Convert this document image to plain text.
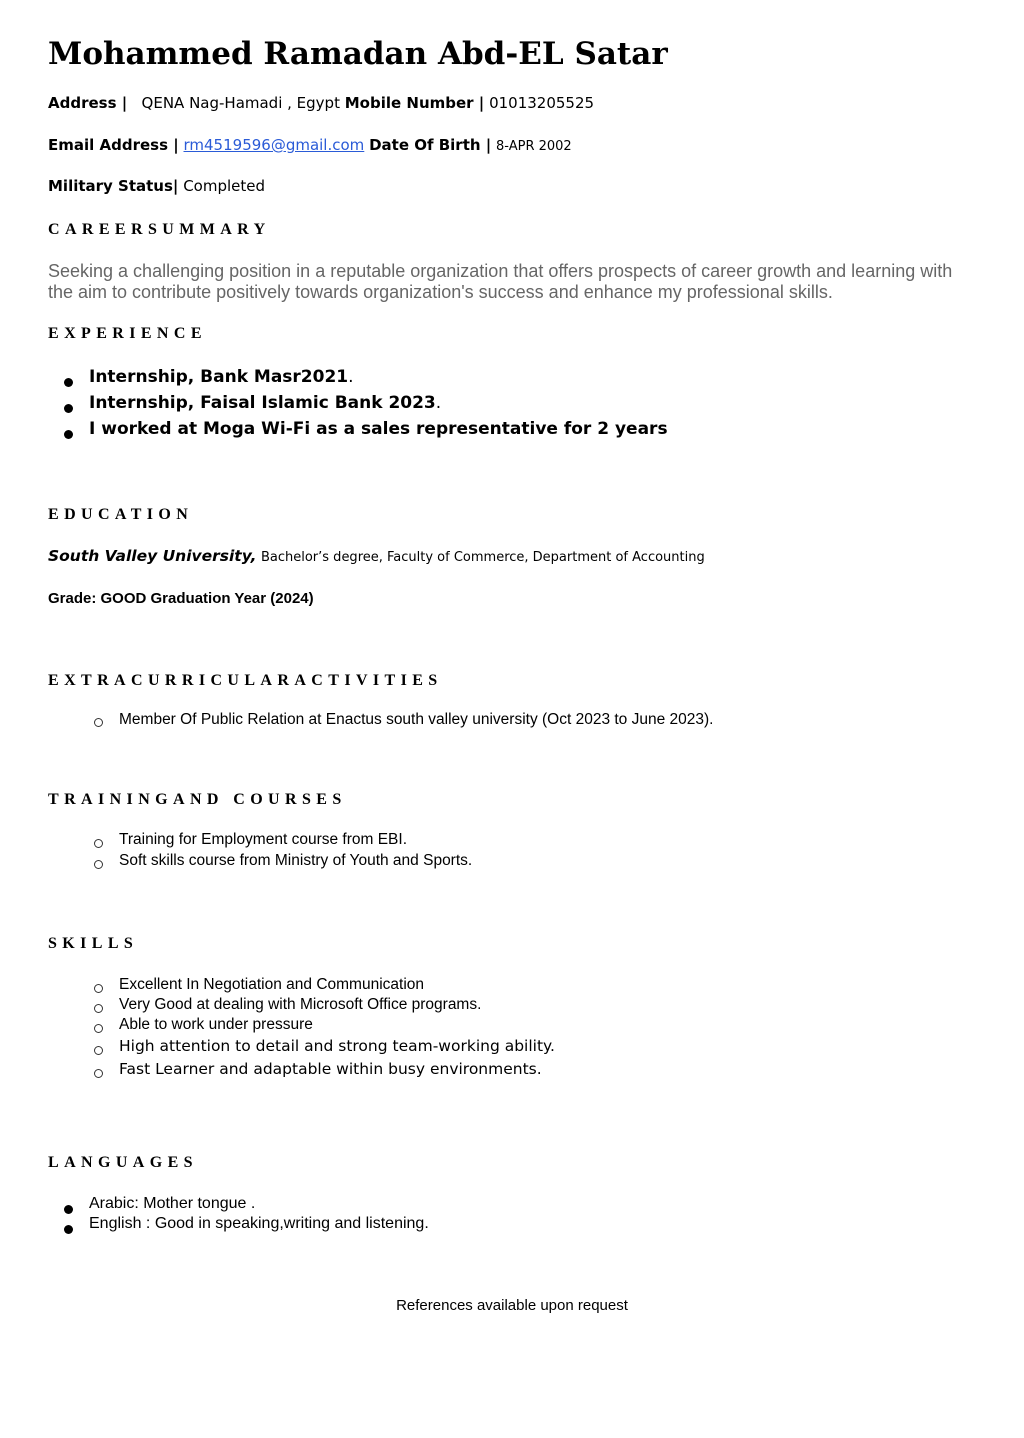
Mohammed Ramadan Abd-EL Satar
Address | QENA Nag-Hamadi , Egypt Mobile Number | 01013205525
Email Address | rm4519596@gmail.com Date Of Birth | 8-APR 2002
Military Status| Completed
CAREERSUMMARY
Seeking a challenging position in a reputable organization that offers prospects of career growth and learning with the aim to contribute positively towards organization's success and enhance my professional skills.
EXPERIENCE
Internship, Bank Masr2021.
Internship, Faisal Islamic Bank 2023.
I worked at Moga Wi-Fi as a sales representative for 2 years
EDUCATION
South Valley University, Bachelor’s degree, Faculty of Commerce, Department of Accounting
Grade: GOOD Graduation Year (2024)
EXTRACURRICULARACTIVITIES
Member Of Public Relation at Enactus south valley university (Oct 2023 to June 2023).
TRAININGAND COURSES
Training for Employment course from EBI.
Soft skills course from Ministry of Youth and Sports.
SKILLS
Excellent In Negotiation and Communication
Very Good at dealing with Microsoft Office programs.
Able to work under pressure
High attention to detail and strong team-working ability.
Fast Learner and adaptable within busy environments.
LANGUAGES
Arabic: Mother tongue .
English : Good in speaking,writing and listening.
References available upon request
